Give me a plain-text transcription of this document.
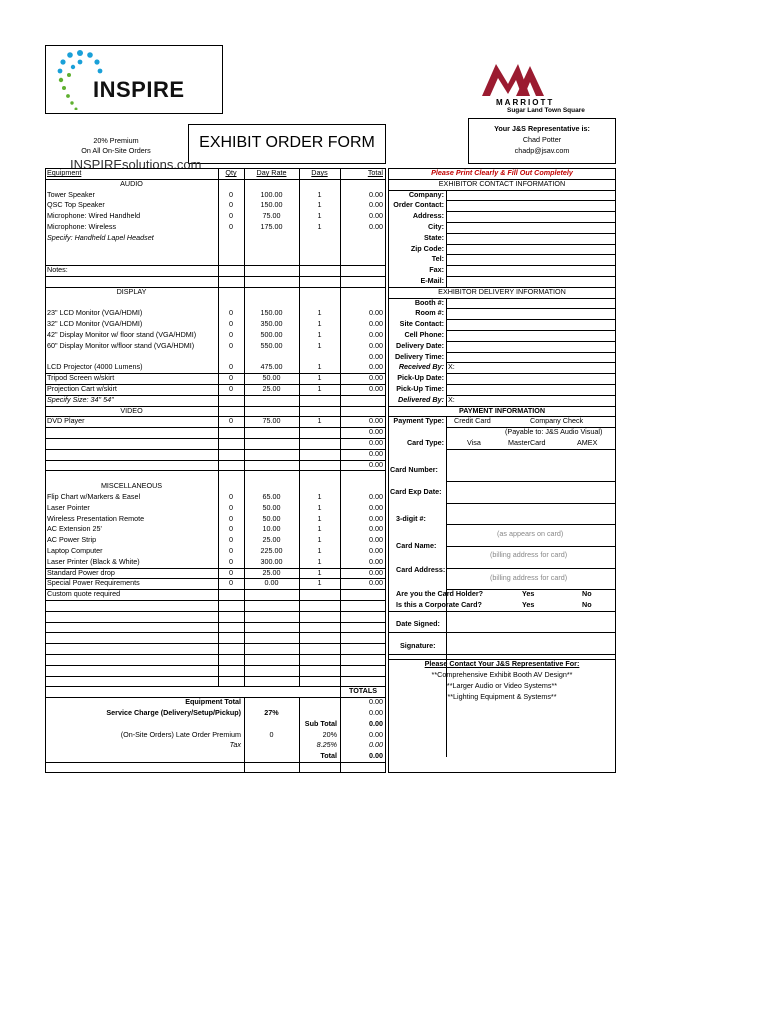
INSPIRE
MARRIOTT
Sugar Land Town Square
20% Premium
On All On-Site Orders	EXHIBIT ORDER FORM
INSPIREsolutions.com
Your J&S Representative is:
Chad Potter
chadp@jsav.com
Equipment	Qty	Day Rate	Days	Total
AUDIO
Tower Speaker	0	100.00	1	0.00
QSC Top Speaker	0	150.00	1	0.00
Microphone: Wired Handheld	0	75.00	1	0.00
Microphone: Wireless	0	175.00	1	0.00
Specify: Handheld Lapel Headset
Notes:
DISPLAY
23" LCD Monitor (VGA/HDMI)	0	150.00	1	0.00
32" LCD Monitor (VGA/HDMI)	0	350.00	1	0.00
42" Display Monitor w/ floor stand (VGA/HDMI)	0	500.00	1	0.00
60" Display Monitor w/floor stand (VGA/HDMI)	0	550.00	1	0.00
0.00
LCD Projector (4000 Lumens)	0	475.00	1	0.00
Tripod Screen w/skirt	0	50.00	1	0.00
Projection Cart w/skirt	0	25.00	1	0.00
Specify Size: 34" 54"
VIDEO
DVD Player	0	75.00	1	0.00
0.00
0.00
0.00
0.00
MISCELLANEOUS
Flip Chart w/Markers & Easel	0	65.00	1	0.00
Laser Pointer	0	50.00	1	0.00
Wireless Presentation Remote	0	50.00	1	0.00
AC Extension 25'	0	10.00	1	0.00
AC Power Strip	0	25.00	1	0.00
Laptop Computer	0	225.00	1	0.00
Laser Printer (Black & White)	0	300.00	1	0.00
Standard Power drop	0	25.00	1	0.00
Special Power Requirements	0	0.00	1	0.00
Custom quote required
TOTALS
Equipment Total	0.00
Service Charge (Delivery/Setup/Pickup)	27%	0.00
Sub Total	0.00
(On-Site Orders) Late Order Premium	0	20%	0.00
Tax	8.25%	0.00
Total	0.00
Please Print Clearly & Fill Out Completely
EXHIBITOR CONTACT INFORMATION
Company:
Order Contact:
Address:
City:
State:
Zip Code:
Tel:
Fax:
E-Mail:
EXHIBITOR DELIVERY INFORMATION
Booth #:
Room #:
Site Contact:
Cell Phone:
Delivery Date:
Delivery Time:
Received By: X:
Pick-Up Date:
Pick-Up Time:
Delivered By: X:
PAYMENT INFORMATION
Payment Type: Credit Card	Company Check
(Payable to: J&S Audio Visual)
Card Type:	Visa	MasterCard	AMEX
Card Number:
Card Exp Date:
3-digit #:
(as appears on card)
Card Name:
(billing address for card)
Card Address:
(billing address for card)
Are you the Card Holder?	Yes	No
Is this a Corporate Card?	Yes	No
Date Signed:
Signature:
Please Contact Your J&S Representative For:
**Comprehensive Exhibit Booth AV Design**
**Larger Audio or Video Systems**
**Lighting Equipment & Systems**
